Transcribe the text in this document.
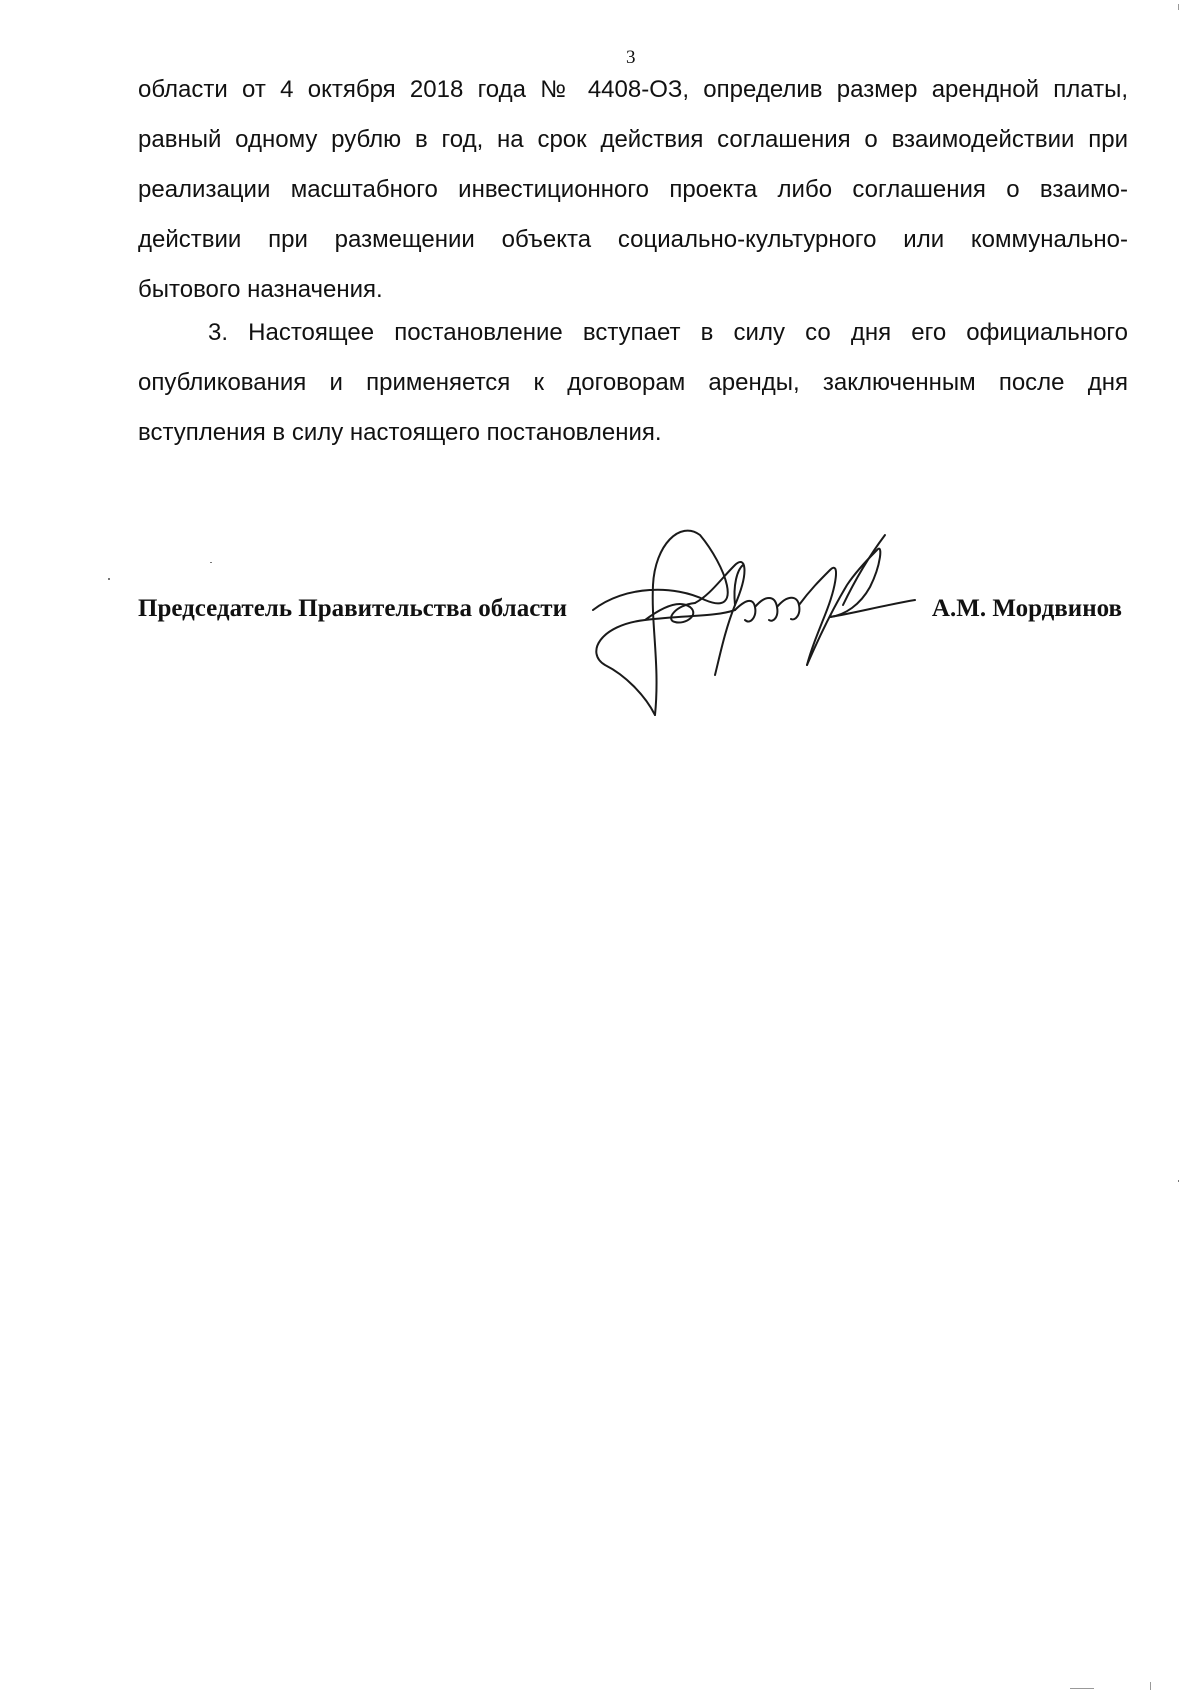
3
области от 4 октября 2018 года № 4408-ОЗ, определив размер арендной платы,
равный одному рублю в год, на срок действия соглашения о взаимодействии при
реализации масштабного инвестиционного проекта либо соглашения о взаимо-
действии при размещении объекта социально-культурного или коммунально-
бытового назначения.
3. Настоящее постановление вступает в силу со дня его официального
опубликования и применяется к договорам аренды, заключенным после дня
вступления в силу настоящего постановления.
Председатель Правительства области	А.М. Мордвинов
